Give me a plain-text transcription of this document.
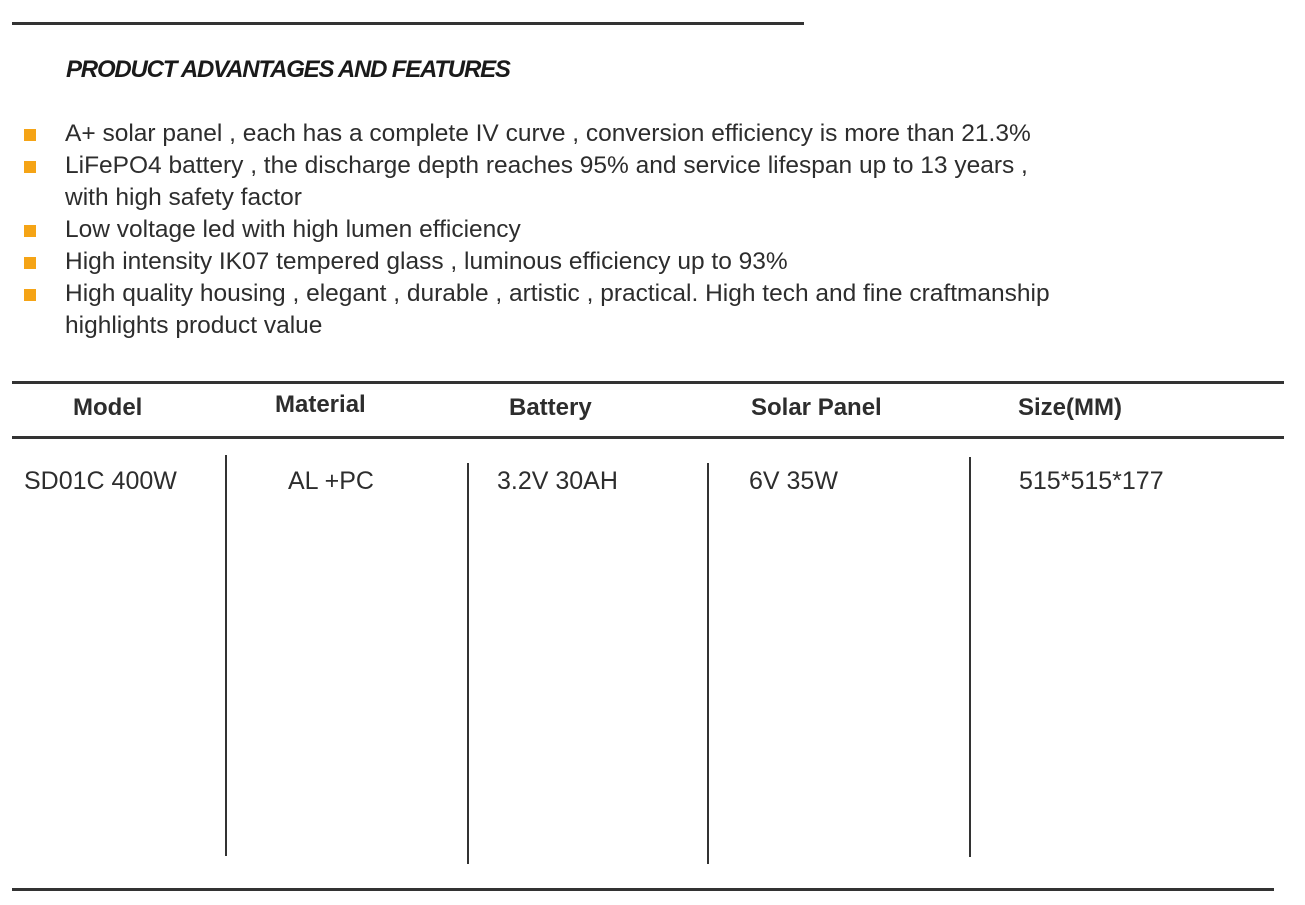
PRODUCT ADVANTAGES AND FEATURES
A+ solar panel , each has a complete IV curve , conversion efficiency is more than 21.3%
LiFePO4 battery , the discharge depth reaches 95% and service lifespan up to 13 years ,
with high safety factor
Low voltage led with high lumen efficiency
High intensity IK07 tempered glass , luminous efficiency up to 93%
High quality housing , elegant , durable , artistic , practical. High tech and fine craftmanship
highlights product value
Model	Material	Battery	Solar Panel	Size(MM)
SD01C 400W	AL +PC	3.2V 30AH	6V 35W	515*515*177
